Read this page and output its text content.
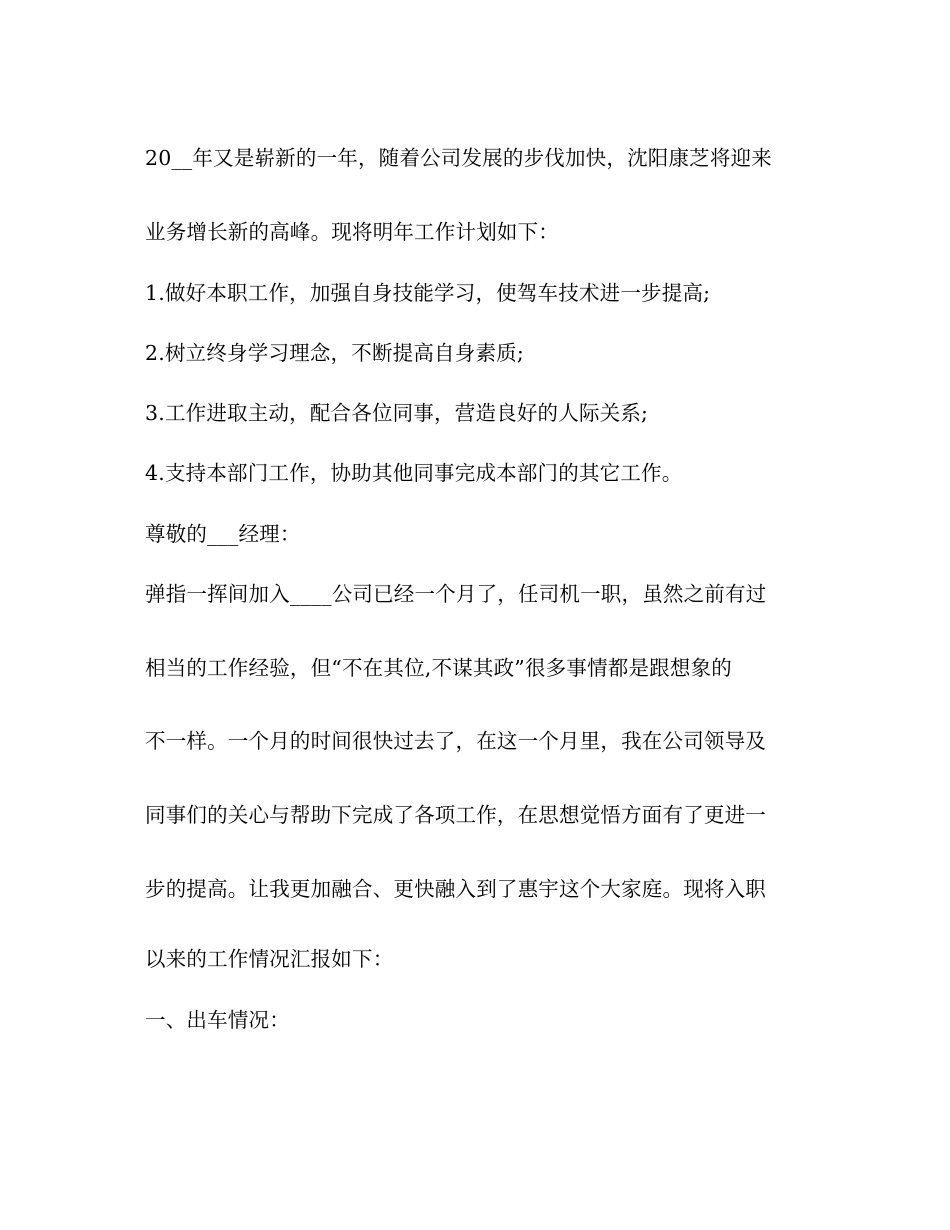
20__年又是崭新的一年，随着公司发展的步伐加快，沈阳康芝将迎来
业务增长新的高峰。现将明年工作计划如下：
1.做好本职工作，加强自身技能学习，使驾车技术进一步提高;
2.树立终身学习理念，不断提高自身素质;
3.工作进取主动，配合各位同事，营造良好的人际关系;
4.支持本部门工作，协助其他同事完成本部门的其它工作。
尊敬的___经理：
弹指一挥间加入____公司已经一个月了，任司机一职，虽然之前有过
相当的工作经验，但“不在其位,不谋其政”很多事情都是跟想象的
不一样。一个月的时间很快过去了，在这一个月里，我在公司领导及
同事们的关心与帮助下完成了各项工作，在思想觉悟方面有了更进一
步的提高。让我更加融合、更快融入到了惠宇这个大家庭。现将入职
以来的工作情况汇报如下：
一、出车情况：
